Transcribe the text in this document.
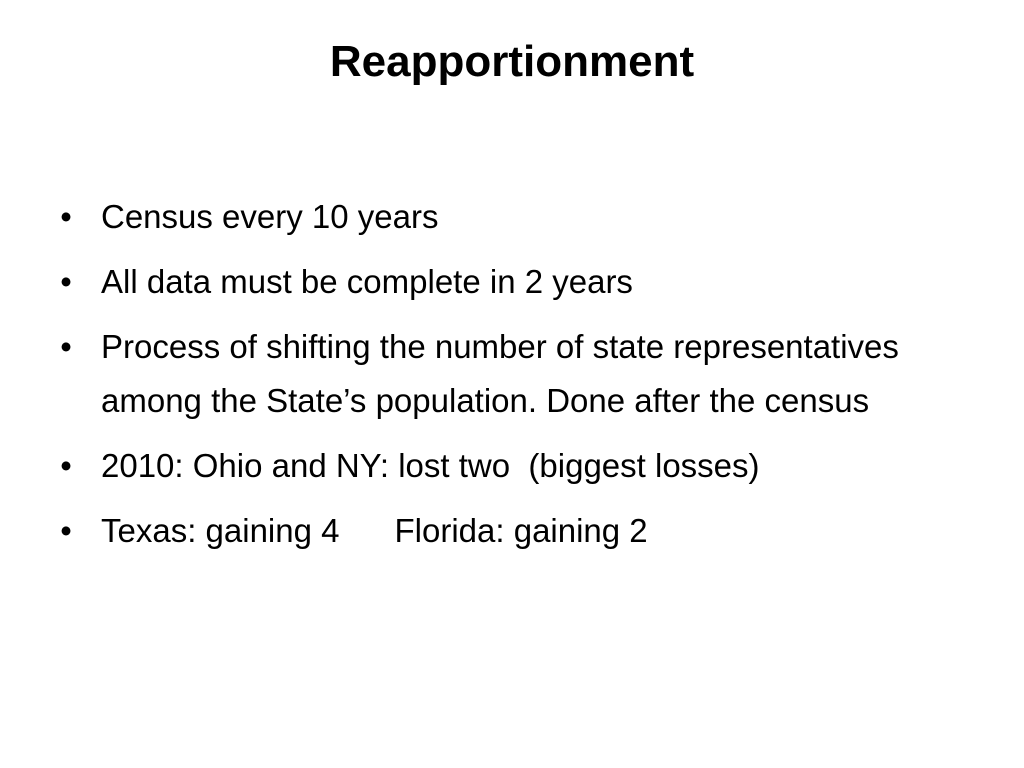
Reapportionment
• Census every 10 years
• All data must be complete in 2 years
• Process of shifting the number of state representatives among the State’s population. Done after the census
• 2010: Ohio and NY: lost two  (biggest losses)
• Texas: gaining 4      Florida: gaining 2
